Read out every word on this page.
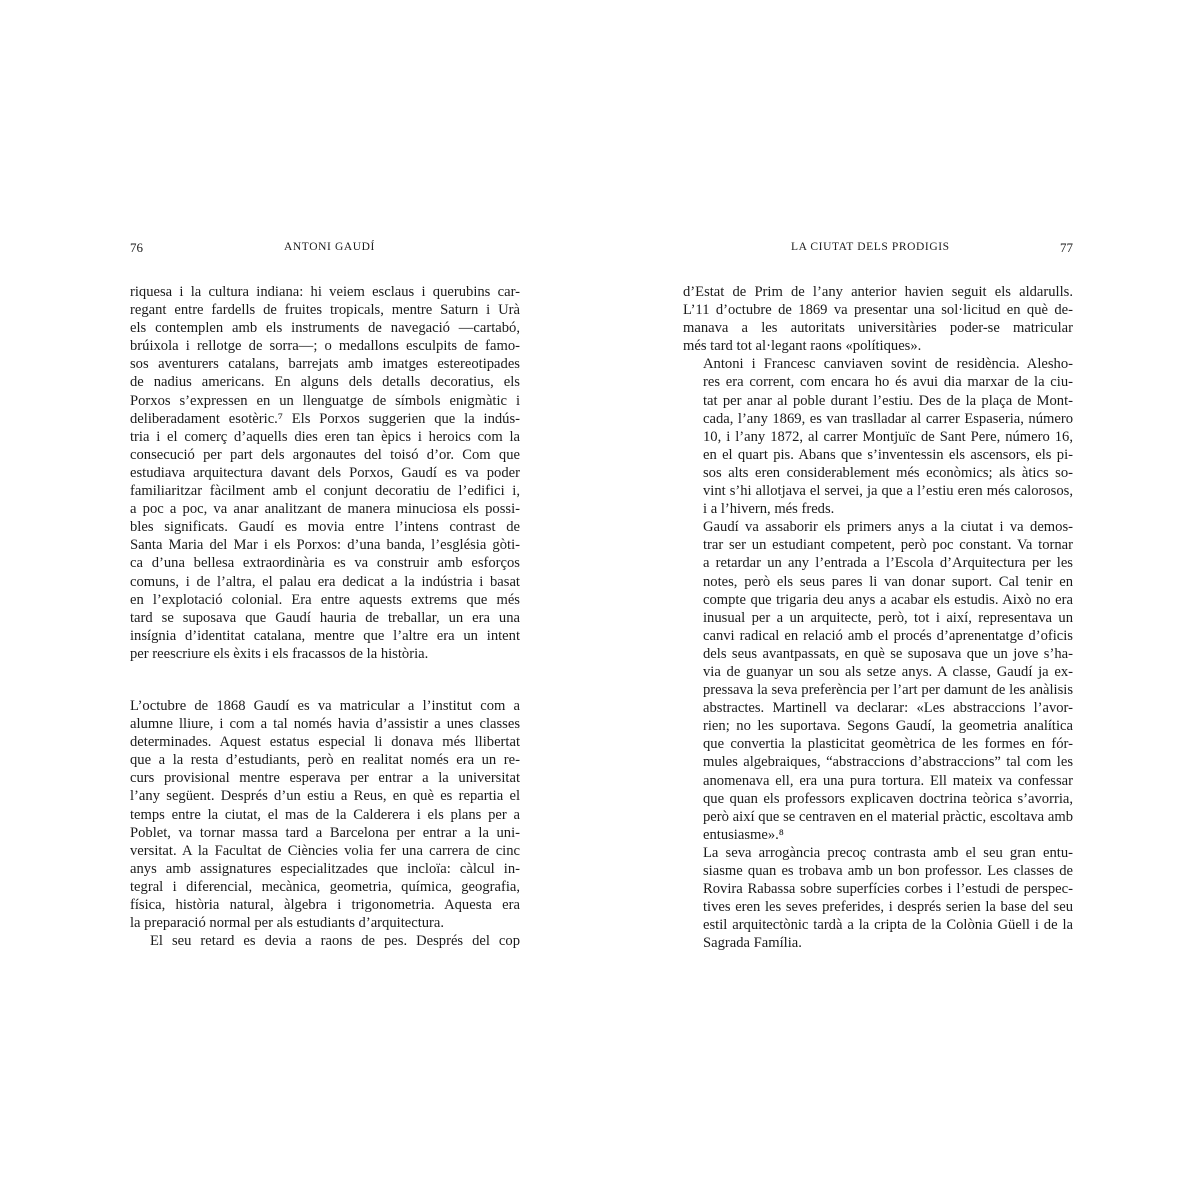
76	ANTONI GAUDÍ

riquesa i la cultura indiana: hi veiem esclaus i querubins car-
regant entre fardells de fruites tropicals, mentre Saturn i Urà
els contemplen amb els instruments de navegació —cartabó,
brúixola i rellotge de sorra—; o medallons esculpits de famo-
sos aventurers catalans, barrejats amb imatges estereotipades
de nadius americans. En alguns dels detalls decoratius, els
Porxos s’expressen en un llenguatge de símbols enigmàtic i
deliberadament esotèric.⁷ Els Porxos suggerien que la indús-
tria i el comerç d’aquells dies eren tan èpics i heroics com la
consecució per part dels argonautes del toisó d’or. Com que
estudiava arquitectura davant dels Porxos, Gaudí es va poder
familiaritzar fàcilment amb el conjunt decoratiu de l’edifici i,
a poc a poc, va anar analitzant de manera minuciosa els possi-
bles significats. Gaudí es movia entre l’intens contrast de
Santa Maria del Mar i els Porxos: d’una banda, l’església gòti-
ca d’una bellesa extraordinària es va construir amb esforços
comuns, i de l’altra, el palau era dedicat a la indústria i basat
en l’explotació colonial. Era entre aquests extrems que més
tard se suposava que Gaudí hauria de treballar, un era una
insígnia d’identitat catalana, mentre que l’altre era un intent
per reescriure els èxits i els fracassos de la història.

L’octubre de 1868 Gaudí es va matricular a l’institut com a
alumne lliure, i com a tal només havia d’assistir a unes classes
determinades. Aquest estatus especial li donava més llibertat
que a la resta d’estudiants, però en realitat només era un re-
curs provisional mentre esperava per entrar a la universitat
l’any següent. Després d’un estiu a Reus, en què es repartia el
temps entre la ciutat, el mas de la Calderera i els plans per a
Poblet, va tornar massa tard a Barcelona per entrar a la uni-
versitat. A la Facultat de Ciències volia fer una carrera de cinc
anys amb assignatures especialitzades que incloïa: càlcul in-
tegral i diferencial, mecànica, geometria, química, geografia,
física, història natural, àlgebra i trigonometria. Aquesta era
la preparació normal per als estudiants d’arquitectura.

El seu retard es devia a raons de pes. Després del cop

LA CIUTAT DELS PRODIGIS	77

d’Estat de Prim de l’any anterior havien seguit els aldarulls.
L’11 d’octubre de 1869 va presentar una sol·licitud en què de-
manava a les autoritats universitàries poder-se matricular
més tard tot al·legant raons «polítiques».

Antoni i Francesc canviaven sovint de residència. Alesho-
res era corrent, com encara ho és avui dia marxar de la ciu-
tat per anar al poble durant l’estiu. Des de la plaça de Mont-
cada, l’any 1869, es van traslladar al carrer Espaseria, número
10, i l’any 1872, al carrer Montjuïc de Sant Pere, número 16,
en el quart pis. Abans que s’inventessin els ascensors, els pi-
sos alts eren considerablement més econòmics; als àtics so-
vint s’hi allotjava el servei, ja que a l’estiu eren més calorosos,
i a l’hivern, més freds.

Gaudí va assaborir els primers anys a la ciutat i va demos-
trar ser un estudiant competent, però poc constant. Va tornar
a retardar un any l’entrada a l’Escola d’Arquitectura per les
notes, però els seus pares li van donar suport. Cal tenir en
compte que trigaria deu anys a acabar els estudis. Això no era
inusual per a un arquitecte, però, tot i així, representava un
canvi radical en relació amb el procés d’aprenentatge d’oficis
dels seus avantpassats, en què se suposava que un jove s’ha-
via de guanyar un sou als setze anys. A classe, Gaudí ja ex-
pressava la seva preferència per l’art per damunt de les anàlisis
abstractes. Martinell va declarar: «Les abstraccions l’avor-
rien; no les suportava. Segons Gaudí, la geometria analítica
que convertia la plasticitat geomètrica de les formes en fór-
mules algebraiques, “abstraccions d’abstraccions” tal com les
anomenava ell, era una pura tortura. Ell mateix va confessar
que quan els professors explicaven doctrina teòrica s’avorria,
però així que se centraven en el material pràctic, escoltava amb
entusiasme».⁸

La seva arrogància precoç contrasta amb el seu gran entu-
siasme quan es trobava amb un bon professor. Les classes de
Rovira Rabassa sobre superfícies corbes i l’estudi de perspec-
tives eren les seves preferides, i després serien la base del seu
estil arquitectònic tardà a la cripta de la Colònia Güell i de la
Sagrada Família.
